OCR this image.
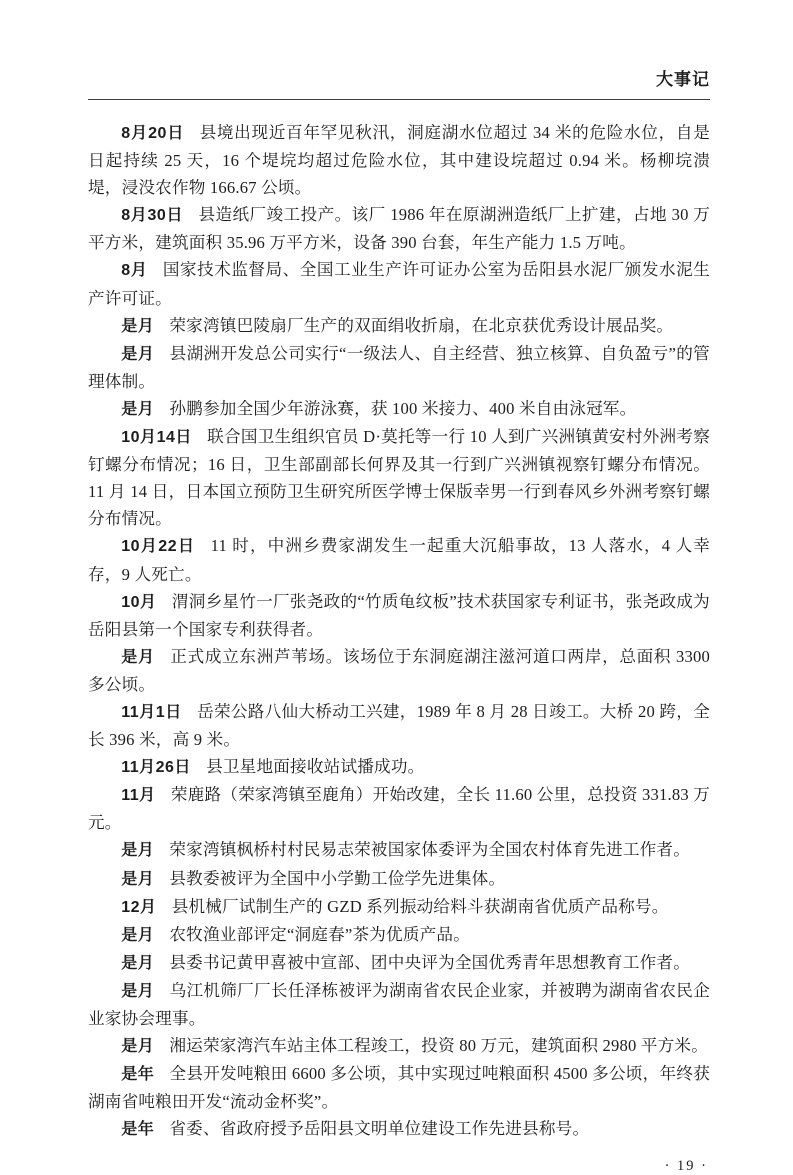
大事记

8月20日 县境出现近百年罕见秋汛，洞庭湖水位超过 34 米的危险水位，自是日起持续 25 天，16 个堤垸均超过危险水位，其中建设垸超过 0.94 米。杨柳垸溃堤，浸没农作物 166.67 公顷。

8月30日 县造纸厂竣工投产。该厂 1986 年在原湖洲造纸厂上扩建，占地 30 万平方米，建筑面积 35.96 万平方米，设备 390 台套，年生产能力 1.5 万吨。

8月 国家技术监督局、全国工业生产许可证办公室为岳阳县水泥厂颁发水泥生产许可证。

是月 荣家湾镇巴陵扇厂生产的双面绢收折扇，在北京获优秀设计展品奖。

是月 县湖洲开发总公司实行“一级法人、自主经营、独立核算、自负盈亏”的管理体制。

是月 孙鹏参加全国少年游泳赛，获 100 米接力、400 米自由泳冠军。

10月14日 联合国卫生组织官员 D·莫托等一行 10 人到广兴洲镇黄安村外洲考察钉螺分布情况；16 日，卫生部副部长何界及其一行到广兴洲镇视察钉螺分布情况。11 月 14 日，日本国立预防卫生研究所医学博士保版幸男一行到春风乡外洲考察钉螺分布情况。

10月22日 11 时，中洲乡费家湖发生一起重大沉船事故，13 人落水，4 人幸存，9 人死亡。

10月 渭洞乡星竹一厂张尧政的“竹质龟纹板”技术获国家专利证书，张尧政成为岳阳县第一个国家专利获得者。

是月 正式成立东洲芦苇场。该场位于东洞庭湖注滋河道口两岸，总面积 3300 多公顷。

11月1日 岳荣公路八仙大桥动工兴建，1989 年 8 月 28 日竣工。大桥 20 跨，全长 396 米，高 9 米。

11月26日 县卫星地面接收站试播成功。

11月 荣鹿路（荣家湾镇至鹿角）开始改建，全长 11.60 公里，总投资 331.83 万元。

是月 荣家湾镇枫桥村村民易志荣被国家体委评为全国农村体育先进工作者。

是月 县教委被评为全国中小学勤工俭学先进集体。

12月 县机械厂试制生产的 GZD 系列振动给料斗获湖南省优质产品称号。

是月 农牧渔业部评定“洞庭春”茶为优质产品。

是月 县委书记黄甲喜被中宣部、团中央评为全国优秀青年思想教育工作者。

是月 乌江机筛厂厂长任泽栋被评为湖南省农民企业家，并被聘为湖南省农民企业家协会理事。

是月 湘运荣家湾汽车站主体工程竣工，投资 80 万元，建筑面积 2980 平方米。

是年 全县开发吨粮田 6600 多公顷，其中实现过吨粮面积 4500 多公顷，年终获湖南省吨粮田开发“流动金杯奖”。

是年 省委、省政府授予岳阳县文明单位建设工作先进县称号。

· 19 ·
